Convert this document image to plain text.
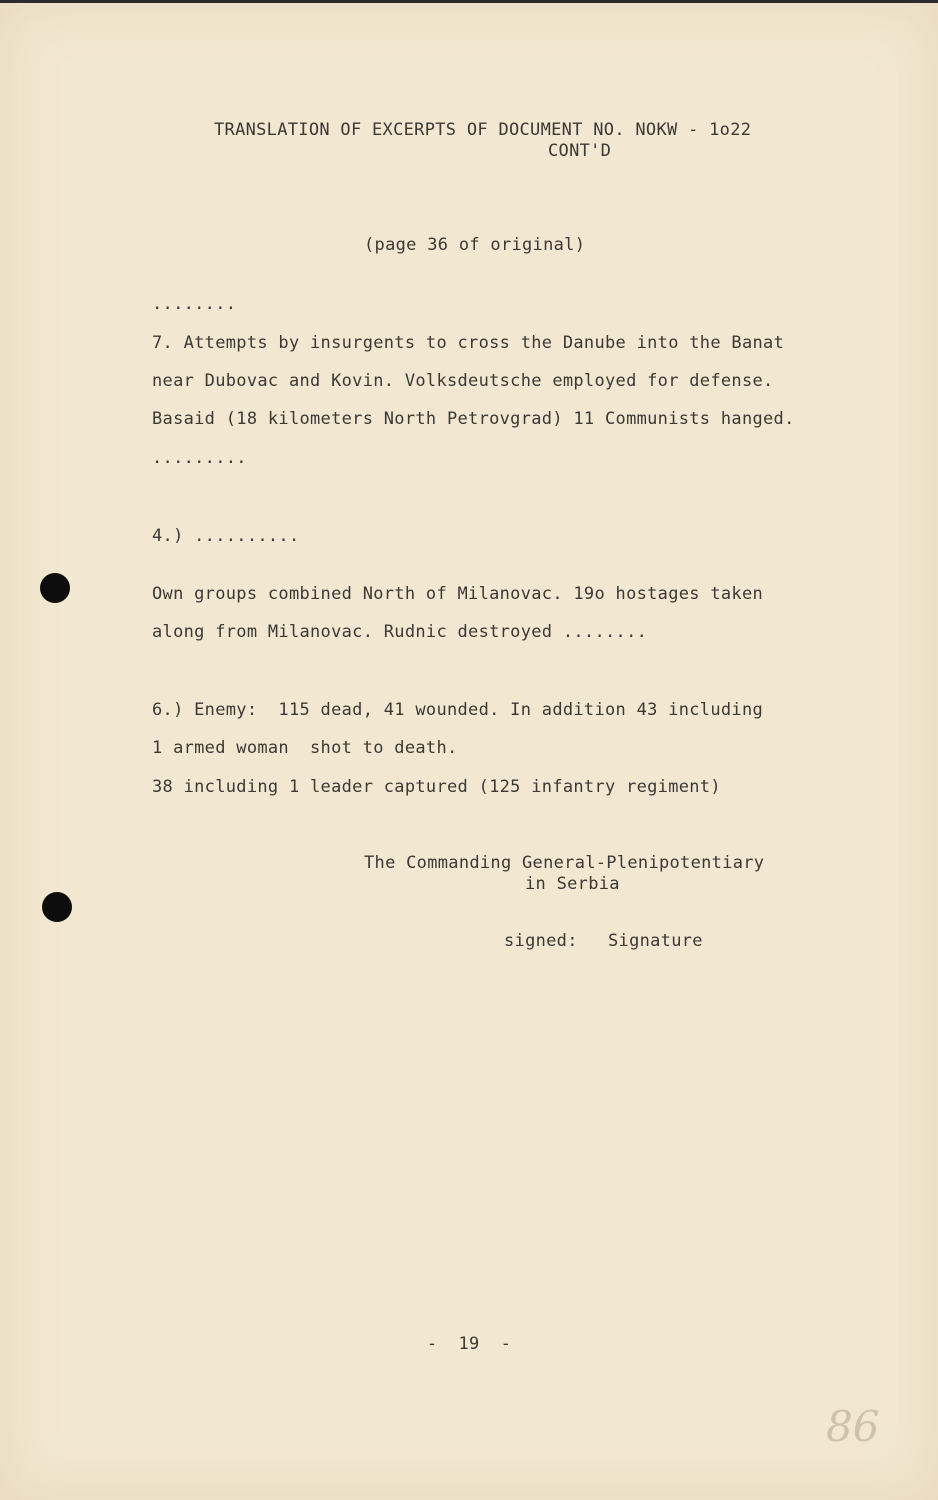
TRANSLATION OF EXCERPTS OF DOCUMENT NO. NOKW - 1o22
CONT'D
(page 36 of original)
........
7. Attempts by insurgents to cross the Danube into the Banat
near Dubovac and Kovin. Volksdeutsche employed for defense.
Basaid (18 kilometers North Petrovgrad) 11 Communists hanged.
.........
4.) ..........
Own groups combined North of Milanovac. 19o hostages taken
along from Milanovac. Rudnic destroyed ........
6.) Enemy:  115 dead, 41 wounded. In addition 43 including
1 armed woman  shot to death.
38 including 1 leader captured (125 infantry regiment)
The Commanding General-Plenipotentiary
in Serbia
signed: Signature
-  19  -
86
